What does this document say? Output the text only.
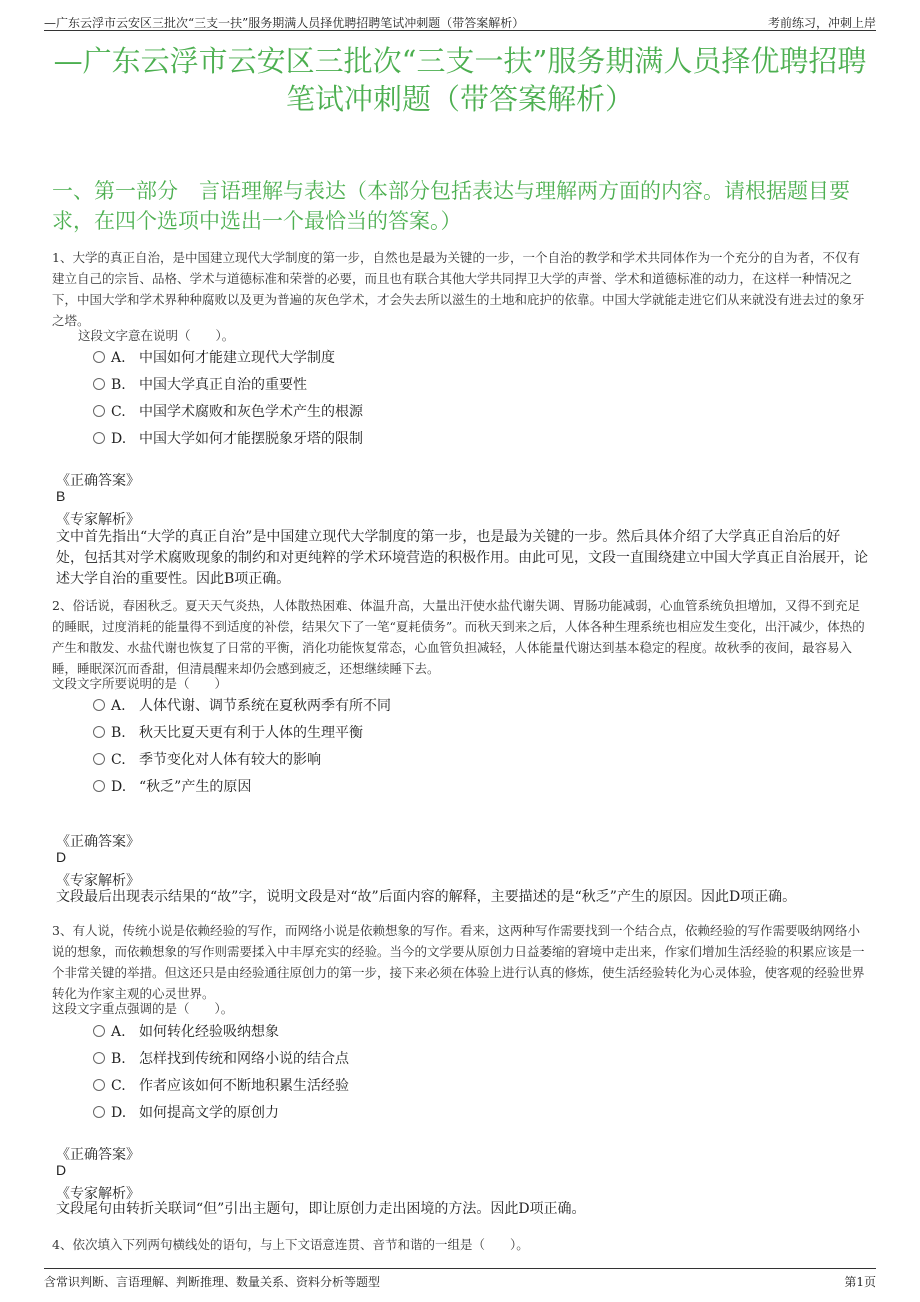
—广东云浮市云安区三批次“三支一扶”服务期满人员择优聘招聘笔试冲刺题（带答案解析）	考前练习，冲刺上岸
—广东云浮市云安区三批次“三支一扶”服务期满人员择优聘招聘笔试冲刺题（带答案解析）
一、第一部分　言语理解与表达（本部分包括表达与理解两方面的内容。请根据题目要求，在四个选项中选出一个最恰当的答案。）
1、大学的真正自治，是中国建立现代大学制度的第一步，自然也是最为关键的一步，一个自治的教学和学术共同体作为一个充分的自为者，不仅有建立自己的宗旨、品格、学术与道德标准和荣誉的必要，而且也有联合其他大学共同捍卫大学的声誉、学术和道德标准的动力，在这样一种情况之下，中国大学和学术界种种腐败以及更为普遍的灰色学术，才会失去所以滋生的土地和庇护的依靠。中国大学就能走进它们从来就没有进去过的象牙之塔。
这段文字意在说明（　　）。
A. 中国如何才能建立现代大学制度
B. 中国大学真正自治的重要性
C. 中国学术腐败和灰色学术产生的根源
D. 中国大学如何才能摆脱象牙塔的限制
《正确答案》
B
《专家解析》
文中首先指出“大学的真正自治”是中国建立现代大学制度的第一步，也是最为关键的一步。然后具体介绍了大学真正自治后的好处，包括其对学术腐败现象的制约和对更纯粹的学术环境营造的积极作用。由此可见，文段一直围绕建立中国大学真正自治展开，论述大学自治的重要性。因此B项正确。
2、俗话说，春困秋乏。夏天天气炎热，人体散热困难、体温升高，大量出汗使水盐代谢失调、胃肠功能减弱，心血管系统负担增加，又得不到充足的睡眠，过度消耗的能量得不到适度的补偿，结果欠下了一笔“夏耗债务”。而秋天到来之后，人体各种生理系统也相应发生变化，出汗减少，体热的产生和散发、水盐代谢也恢复了日常的平衡，消化功能恢复常态，心血管负担减轻，人体能量代谢达到基本稳定的程度。故秋季的夜间，最容易入睡，睡眠深沉而香甜，但清晨醒来却仍会感到疲乏，还想继续睡下去。
文段文字所要说明的是（　　）
A. 人体代谢、调节系统在夏秋两季有所不同
B. 秋天比夏天更有利于人体的生理平衡
C. 季节变化对人体有较大的影响
D. “秋乏”产生的原因
《正确答案》
D
《专家解析》
文段最后出现表示结果的“故”字，说明文段是对“故”后面内容的解释，主要描述的是“秋乏”产生的原因。因此D项正确。
3、有人说，传统小说是依赖经验的写作，而网络小说是依赖想象的写作。看来，这两种写作需要找到一个结合点，依赖经验的写作需要吸纳网络小说的想象，而依赖想象的写作则需要揉入中丰厚充实的经验。当今的文学要从原创力日益萎缩的窘境中走出来，作家们增加生活经验的积累应该是一个非常关键的举措。但这还只是由经验通往原创力的第一步，接下来必须在体验上进行认真的修炼，使生活经验转化为心灵体验，使客观的经验世界转化为作家主观的心灵世界。
这段文字重点强调的是（　　）。
A. 如何转化经验吸纳想象
B. 怎样找到传统和网络小说的结合点
C. 作者应该如何不断地积累生活经验
D. 如何提高文学的原创力
《正确答案》
D
《专家解析》
文段尾句由转折关联词“但”引出主题句，即让原创力走出困境的方法。因此D项正确。
4、依次填入下列两句横线处的语句，与上下文语意连贯、音节和谐的一组是（　　）。
含常识判断、言语理解、判断推理、数量关系、资料分析等题型	第1页
